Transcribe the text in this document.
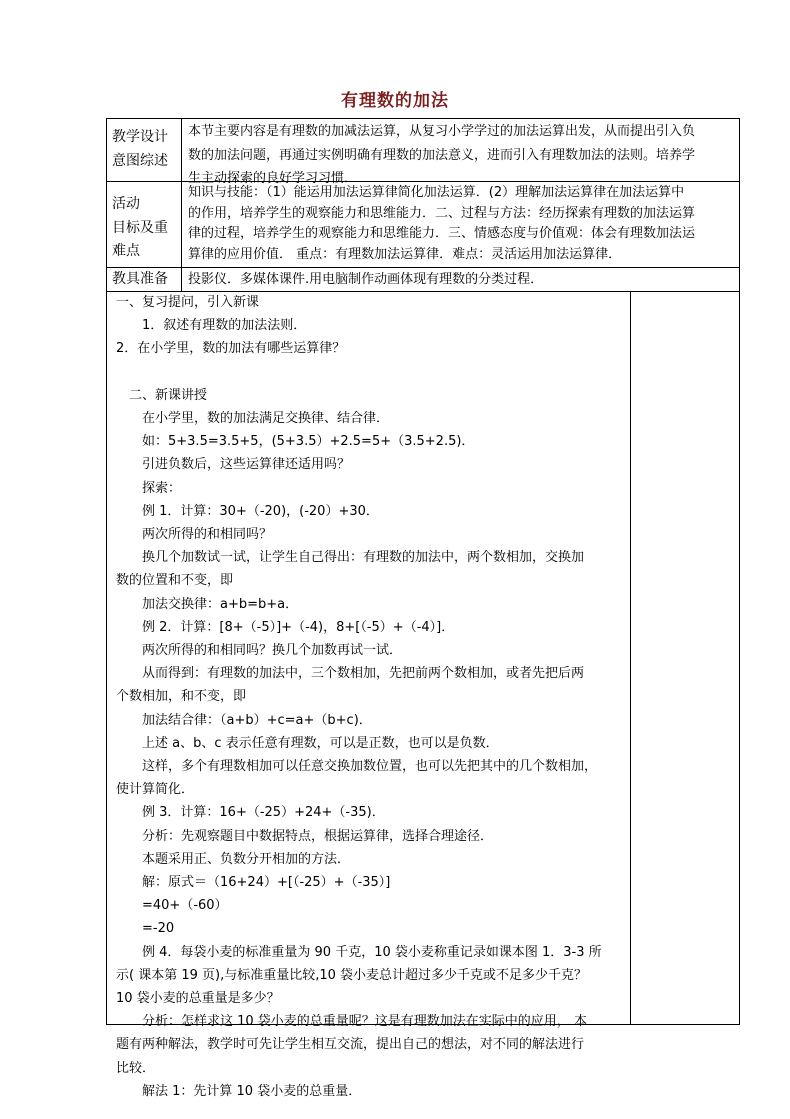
有理数的加法
教学设计
意图综述
本节主要内容是有理数的加减法运算，从复习小学学过的加法运算出发，从而提出引入负
数的加法问题，再通过实例明确有理数的加法意义，进而引入有理数加法的法则。培养学
生主动探索的良好学习习惯．
活动
目标及重
难点
知识与技能：（1）能运用加法运算律简化加法运算．(2）理解加法运算律在加法运算中
的作用，培养学生的观察能力和思维能力．二、过程与方法：经历探索有理数的加法运算
律的过程，培养学生的观察能力和思维能力．三、情感态度与价值观：体会有理数加法运
算律的应用价值． 重点：有理数加法运算律．难点：灵活运用加法运算律．
教具准备	投影仪．多媒体课件.用电脑制作动画体现有理数的分类过程．
一、复习提问，引入新课
　　1．叙述有理数的加法法则．
2．在小学里，数的加法有哪些运算律？
　二、新课讲授
　　在小学里，数的加法满足交换律、结合律．
　　如：5+3.5=3.5+5，(5+3.5）+2.5=5+（3.5+2.5)．
　　引进负数后，这些运算律还适用吗？
　　探索：
　　例 1．计算：30+（-20)，(-20）+30．
　　两次所得的和相同吗？
　　换几个加数试一试，让学生自己得出：有理数的加法中，两个数相加，交换加
数的位置和不变，即
　　加法交换律：a+b=b+a．
　　例 2．计算：[8+（-5）]+（-4)，8+[（-5）+（-4）]．
　　两次所得的和相同吗？换几个加数再试一试．
　　从而得到：有理数的加法中，三个数相加，先把前两个数相加，或者先把后两
个数相加，和不变，即
　　加法结合律：（a+b）+c=a+（b+c)．
　　上述 a、b、c 表示任意有理数，可以是正数，也可以是负数．
　　这样，多个有理数相加可以任意交换加数位置，也可以先把其中的几个数相加，
使计算简化．
　　例 3．计算：16+（-25）+24+（-35)．
　　分析：先观察题目中数据特点，根据运算律，选择合理途径．
　　本题采用正、负数分开相加的方法．
　　解：原式＝（16+24）+[（-25）+（-35）]
　　=40+（-60）
　　=-20
　　例 4．每袋小麦的标准重量为 90 千克，10 袋小麦称重记录如课本图 1．3-3 所
示( 课本第 19 页),与标准重量比较,10 袋小麦总计超过多少千克或不足多少千克？
10 袋小麦的总重量是多少？
　　分析：怎样求这 10 袋小麦的总重量呢？这是有理数加法在实际中的应用， 本
题有两种解法，教学时可先让学生相互交流，提出自己的想法，对不同的解法进行
比较．
　　解法 1：先计算 10 袋小麦的总重量．
